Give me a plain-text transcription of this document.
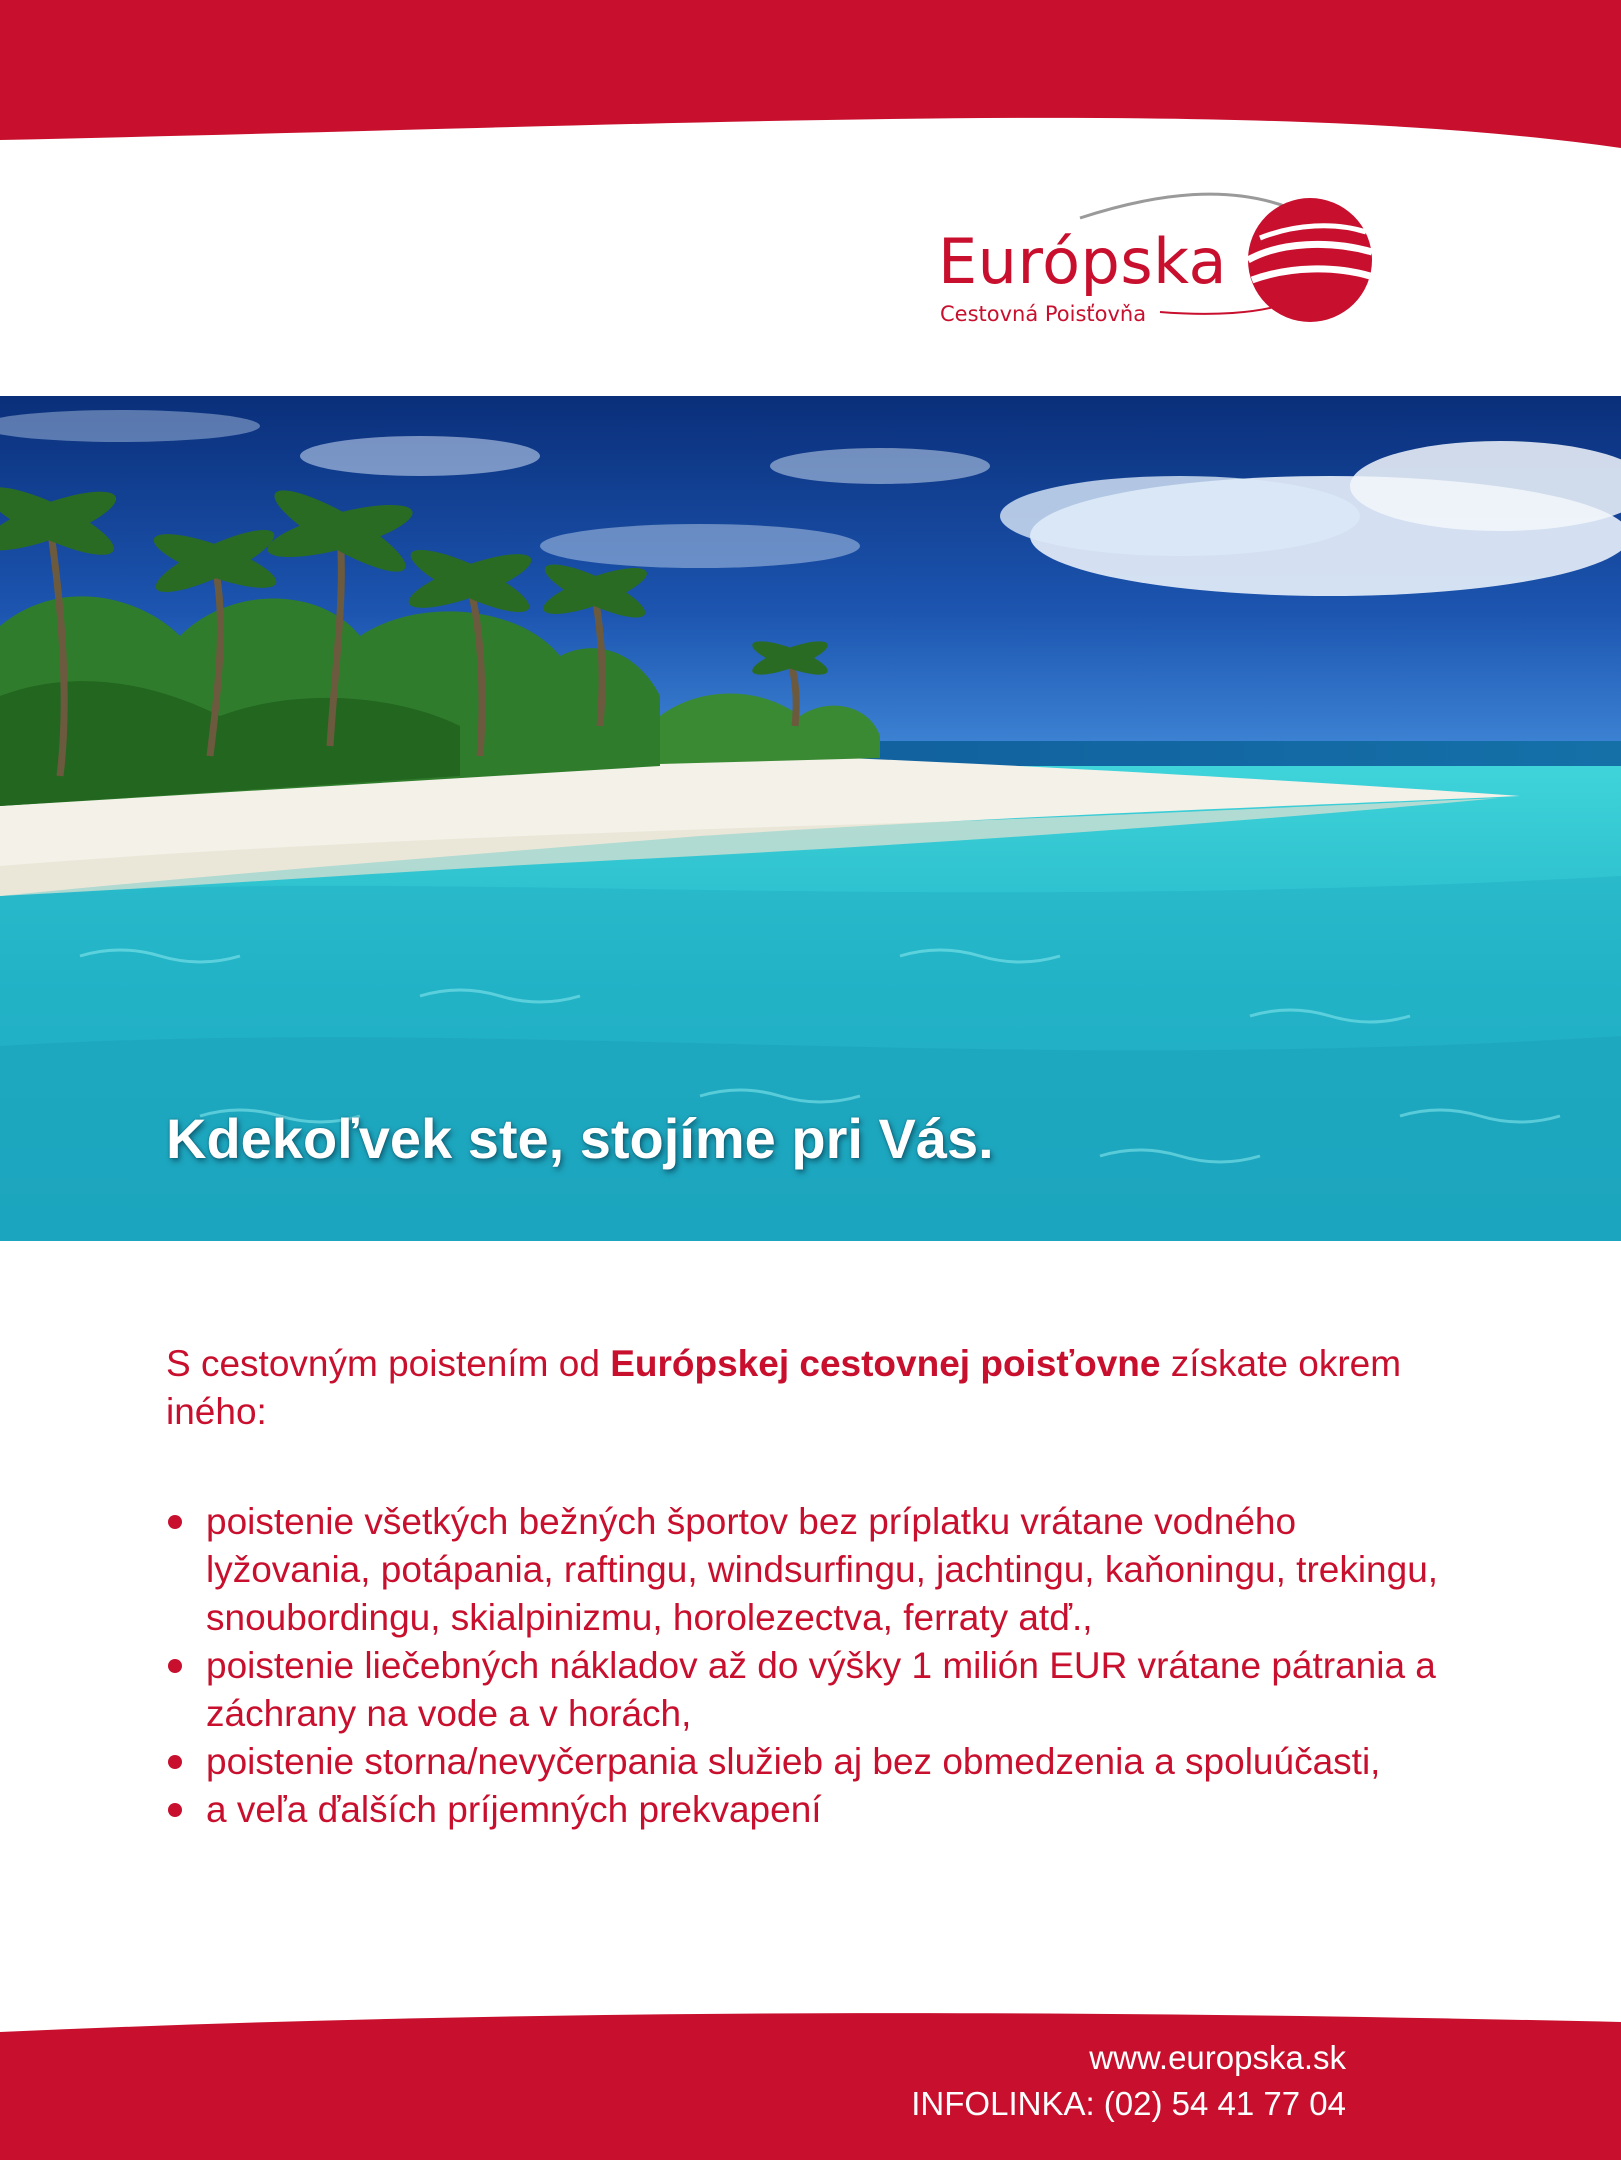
Európska
Cestovná Poisťovňa
Kdekoľvek ste, stojíme pri Vás.
S cestovným poistením od Európskej cestovnej poisťovne získate okrem iného:
poistenie všetkých bežných športov bez príplatku vrátane vodného lyžovania, potápania, raftingu, windsurfingu, jachtingu, kaňoningu, trekingu, snoubordingu, skialpinizmu, horolezectva, ferraty atď.,
poistenie liečebných nákladov až do výšky 1 milión EUR vrátane pátrania a záchrany na vode a v horách,
poistenie storna/nevyčerpania služieb aj bez obmedzenia a spoluúčasti,
a veľa ďalších príjemných prekvapení
www.europska.sk
INFOLINKA: (02) 54 41 77 04
